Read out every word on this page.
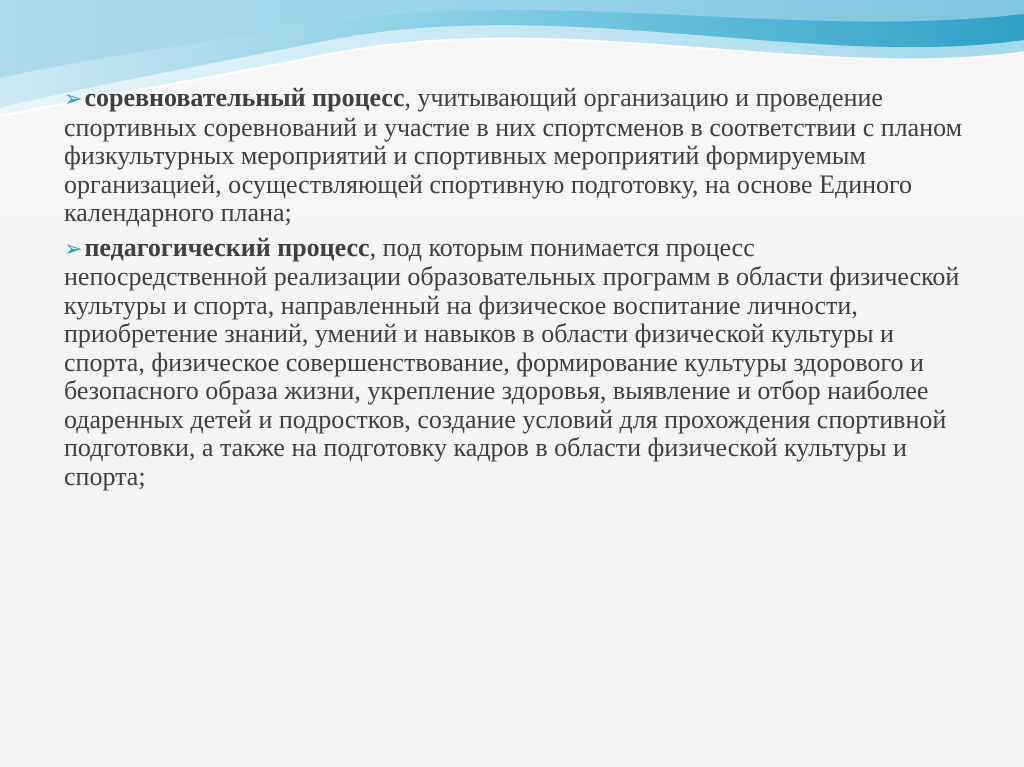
➢соревновательный процесс, учитывающий организацию и проведение спортивных соревнований и участие в них спортсменов в соответствии с планом физкультурных мероприятий и спортивных мероприятий формируемым организацией, осуществляющей спортивную подготовку, на основе Единого календарного плана;

➢педагогический процесс, под которым понимается процесс непосредственной реализации образовательных программ в области физической культуры и спорта, направленный на физическое воспитание личности, приобретение знаний, умений и навыков в области физической культуры и спорта, физическое совершенствование, формирование культуры здорового и безопасного образа жизни, укрепление здоровья, выявление и отбор наиболее одаренных детей и подростков, создание условий для прохождения спортивной подготовки, а также на подготовку кадров в области физической культуры и спорта;
